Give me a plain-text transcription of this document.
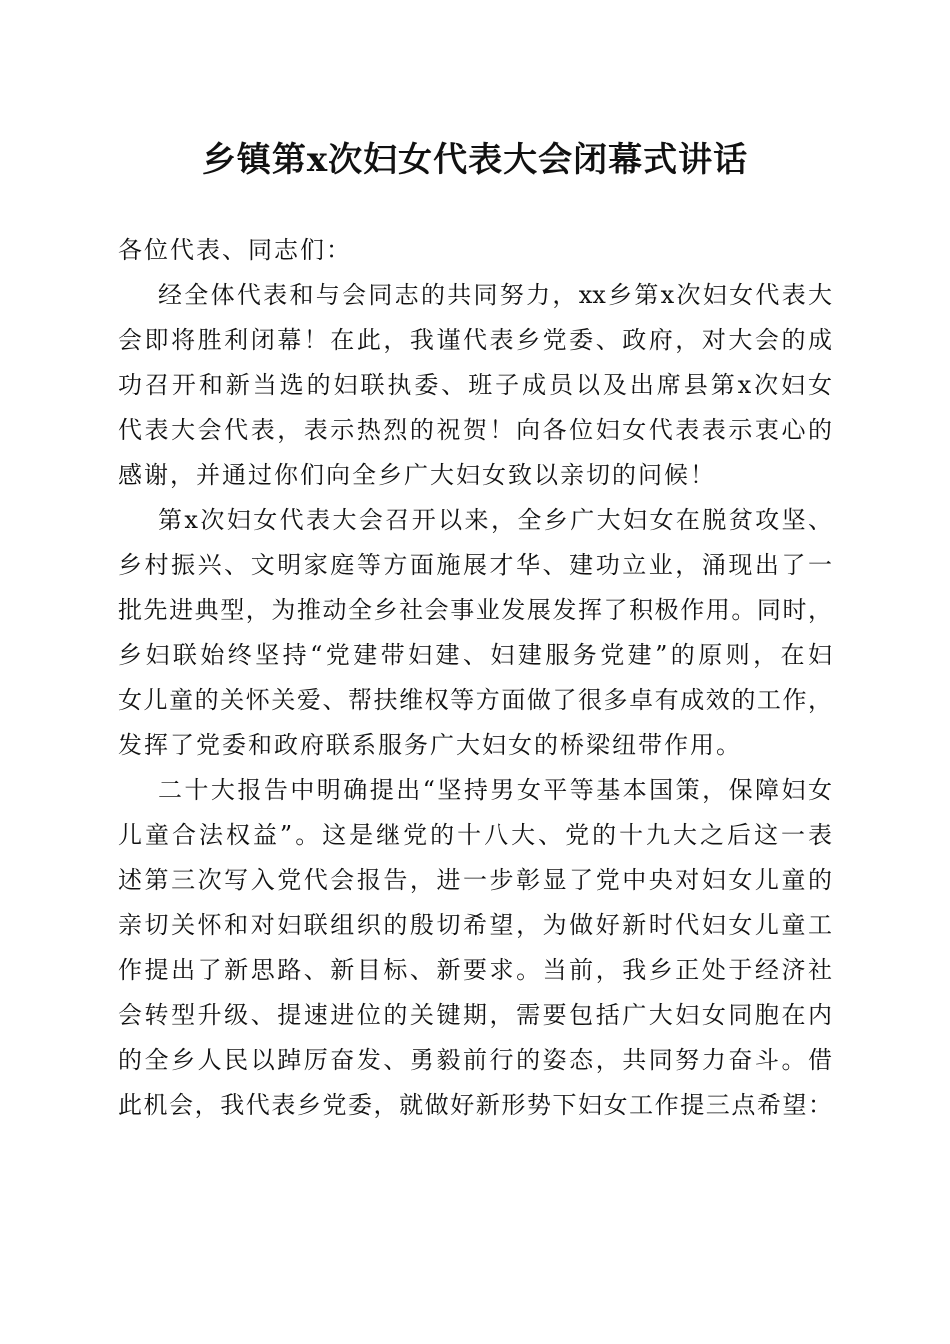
乡镇第x次妇女代表大会闭幕式讲话

各位代表、同志们：

经全体代表和与会同志的共同努力，xx乡第x次妇女代表大
会即将胜利闭幕！在此，我谨代表乡党委、政府，对大会的成
功召开和新当选的妇联执委、班子成员以及出席县第x次妇女
代表大会代表，表示热烈的祝贺！向各位妇女代表表示衷心的
感谢，并通过你们向全乡广大妇女致以亲切的问候！

第x次妇女代表大会召开以来，全乡广大妇女在脱贫攻坚、
乡村振兴、文明家庭等方面施展才华、建功立业，涌现出了一
批先进典型，为推动全乡社会事业发展发挥了积极作用。同时，
乡妇联始终坚持“党建带妇建、妇建服务党建”的原则，在妇
女儿童的关怀关爱、帮扶维权等方面做了很多卓有成效的工作，
发挥了党委和政府联系服务广大妇女的桥梁纽带作用。

二十大报告中明确提出“坚持男女平等基本国策，保障妇女
儿童合法权益”。这是继党的十八大、党的十九大之后这一表
述第三次写入党代会报告，进一步彰显了党中央对妇女儿童的
亲切关怀和对妇联组织的殷切希望，为做好新时代妇女儿童工
作提出了新思路、新目标、新要求。当前，我乡正处于经济社
会转型升级、提速进位的关键期，需要包括广大妇女同胞在内
的全乡人民以踔厉奋发、勇毅前行的姿态，共同努力奋斗。借
此机会，我代表乡党委，就做好新形势下妇女工作提三点希望：
